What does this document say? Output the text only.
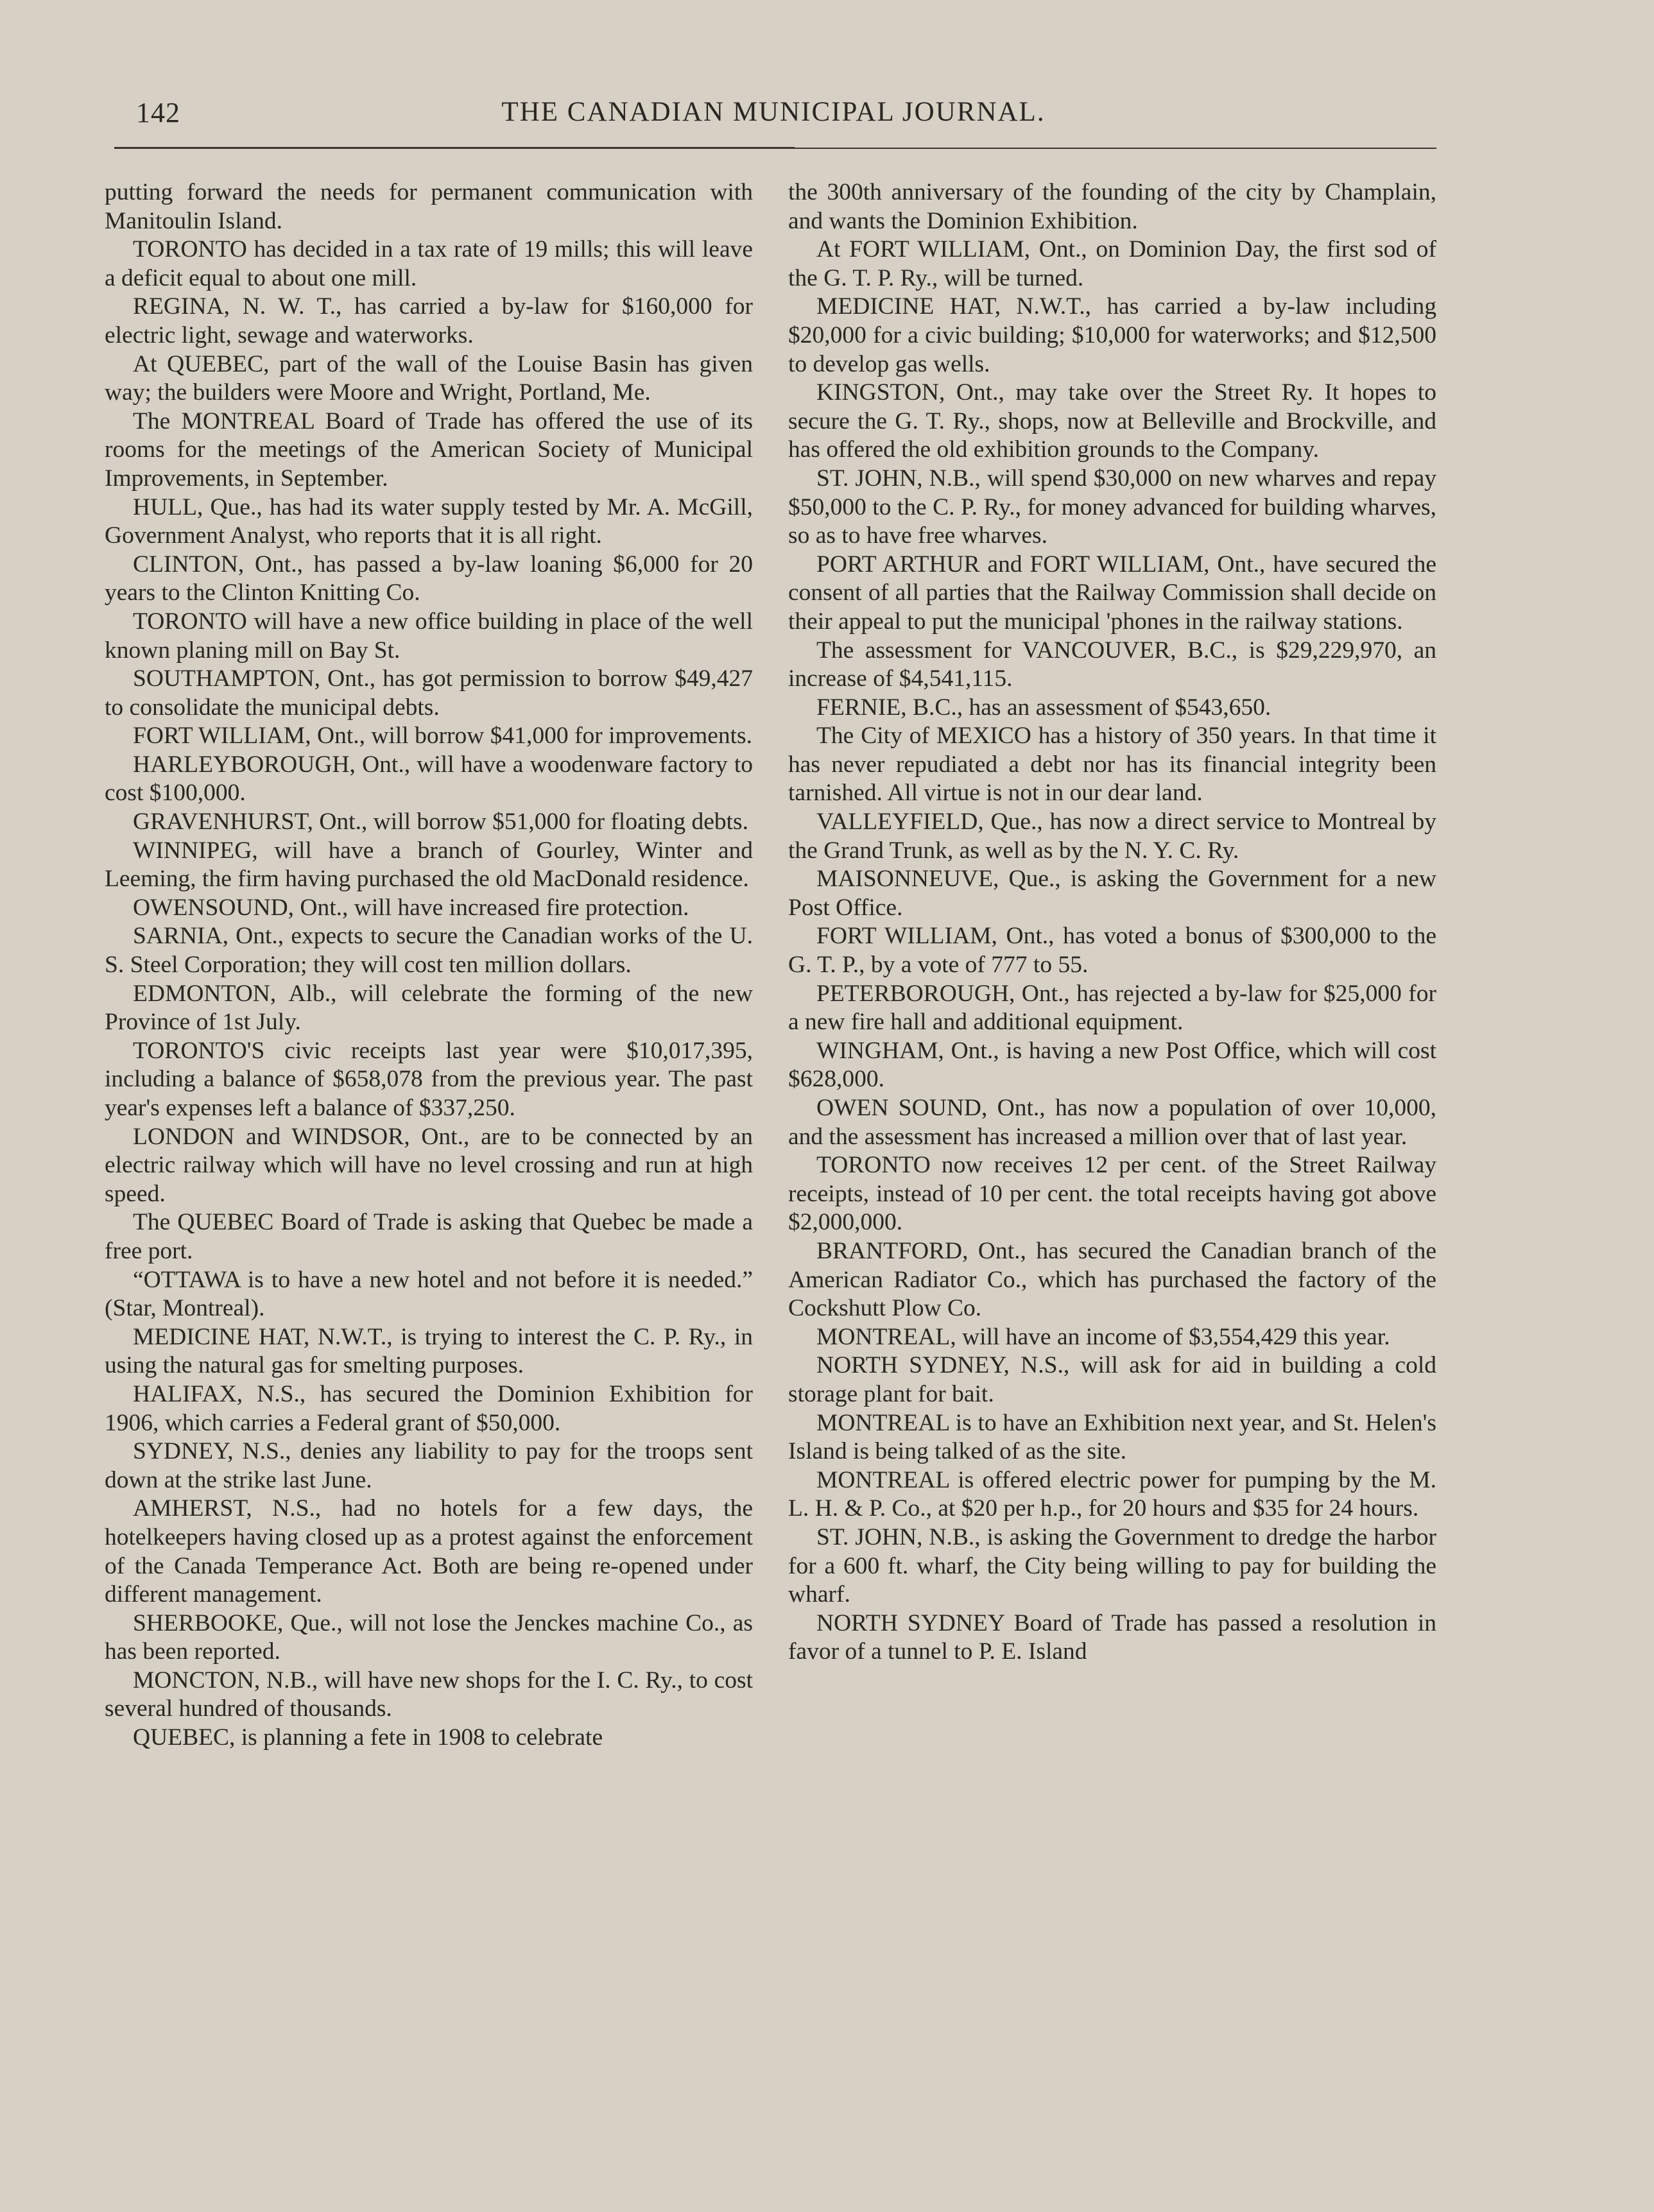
142	THE CANADIAN MUNICIPAL JOURNAL.

putting forward the needs for permanent communication with Manitoulin Island.

TORONTO has decided in a tax rate of 19 mills; this will leave a deficit equal to about one mill.

REGINA, N. W. T., has carried a by-law for $160,000 for electric light, sewage and waterworks.

At QUEBEC, part of the wall of the Louise Basin has given way; the builders were Moore and Wright, Portland, Me.

The MONTREAL Board of Trade has offered the use of its rooms for the meetings of the American Society of Municipal Improvements, in September.

HULL, Que., has had its water supply tested by Mr. A. McGill, Government Analyst, who reports that it is all right.

CLINTON, Ont., has passed a by-law loaning $6,000 for 20 years to the Clinton Knitting Co.

TORONTO will have a new office building in place of the well known planing mill on Bay St.

SOUTHAMPTON, Ont., has got permission to borrow $49,427 to consolidate the municipal debts.

FORT WILLIAM, Ont., will borrow $41,000 for improvements.

HARLEYBOROUGH, Ont., will have a woodenware factory to cost $100,000.

GRAVENHURST, Ont., will borrow $51,000 for floating debts.

WINNIPEG, will have a branch of Gourley, Winter and Leeming, the firm having purchased the old MacDonald residence.

OWENSOUND, Ont., will have increased fire protection.

SARNIA, Ont., expects to secure the Canadian works of the U. S. Steel Corporation; they will cost ten million dollars.

EDMONTON, Alb., will celebrate the forming of the new Province of 1st July.

TORONTO'S civic receipts last year were $10,017,395, including a balance of $658,078 from the previous year. The past year's expenses left a balance of $337,250.

LONDON and WINDSOR, Ont., are to be connected by an electric railway which will have no level crossing and run at high speed.

The QUEBEC Board of Trade is asking that Quebec be made a free port.

“OTTAWA is to have a new hotel and not before it is needed.” (Star, Montreal).

MEDICINE HAT, N.W.T., is trying to interest the C. P. Ry., in using the natural gas for smelting purposes.

HALIFAX, N.S., has secured the Dominion Exhibition for 1906, which carries a Federal grant of $50,000.

SYDNEY, N.S., denies any liability to pay for the troops sent down at the strike last June.

AMHERST, N.S., had no hotels for a few days, the hotelkeepers having closed up as a protest against the enforcement of the Canada Temperance Act. Both are being re-opened under different management.

SHERBOOKE, Que., will not lose the Jenckes machine Co., as has been reported.

MONCTON, N.B., will have new shops for the I. C. Ry., to cost several hundred of thousands.

QUEBEC, is planning a fete in 1908 to celebrate

the 300th anniversary of the founding of the city by Champlain, and wants the Dominion Exhibition.

At FORT WILLIAM, Ont., on Dominion Day, the first sod of the G. T. P. Ry., will be turned.

MEDICINE HAT, N.W.T., has carried a by-law including $20,000 for a civic building; $10,000 for waterworks; and $12,500 to develop gas wells.

KINGSTON, Ont., may take over the Street Ry. It hopes to secure the G. T. Ry., shops, now at Belleville and Brockville, and has offered the old exhibition grounds to the Company.

ST. JOHN, N.B., will spend $30,000 on new wharves and repay $50,000 to the C. P. Ry., for money advanced for building wharves, so as to have free wharves.

PORT ARTHUR and FORT WILLIAM, Ont., have secured the consent of all parties that the Railway Commission shall decide on their appeal to put the municipal 'phones in the railway stations.

The assessment for VANCOUVER, B.C., is $29,229,970, an increase of $4,541,115.

FERNIE, B.C., has an assessment of $543,650.

The City of MEXICO has a history of 350 years. In that time it has never repudiated a debt nor has its financial integrity been tarnished. All virtue is not in our dear land.

VALLEYFIELD, Que., has now a direct service to Montreal by the Grand Trunk, as well as by the N. Y. C. Ry.

MAISONNEUVE, Que., is asking the Government for a new Post Office.

FORT WILLIAM, Ont., has voted a bonus of $300,000 to the G. T. P., by a vote of 777 to 55.

PETERBOROUGH, Ont., has rejected a by-law for $25,000 for a new fire hall and additional equipment.

WINGHAM, Ont., is having a new Post Office, which will cost $628,000.

OWEN SOUND, Ont., has now a population of over 10,000, and the assessment has increased a million over that of last year.

TORONTO now receives 12 per cent. of the Street Railway receipts, instead of 10 per cent. the total receipts having got above $2,000,000.

BRANTFORD, Ont., has secured the Canadian branch of the American Radiator Co., which has purchased the factory of the Cockshutt Plow Co.

MONTREAL, will have an income of $3,554,429 this year.

NORTH SYDNEY, N.S., will ask for aid in building a cold storage plant for bait.

MONTREAL is to have an Exhibition next year, and St. Helen's Island is being talked of as the site.

MONTREAL is offered electric power for pumping by the M. L. H. & P. Co., at $20 per h.p., for 20 hours and $35 for 24 hours.

ST. JOHN, N.B., is asking the Government to dredge the harbor for a 600 ft. wharf, the City being willing to pay for building the wharf.

NORTH SYDNEY Board of Trade has passed a resolution in favor of a tunnel to P. E. Island
